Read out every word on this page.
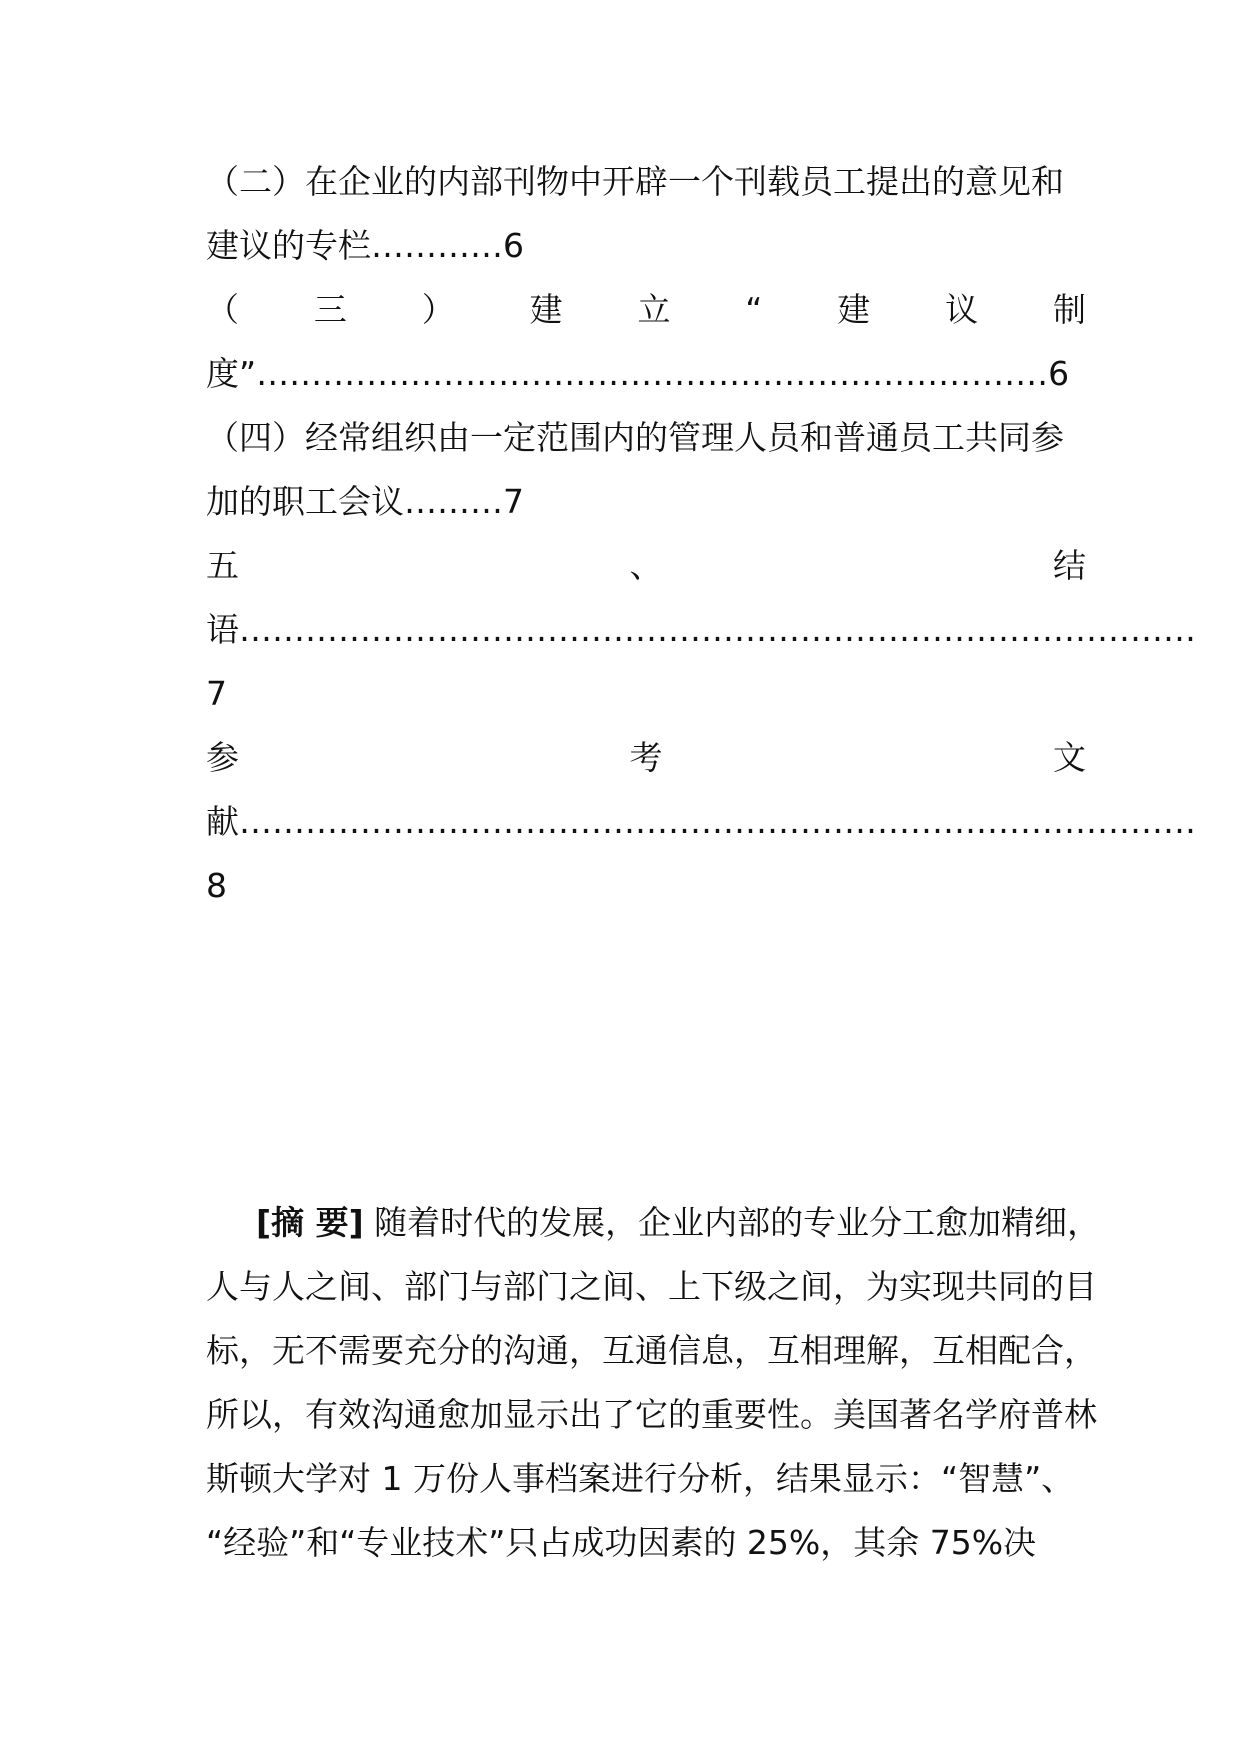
（二）在企业的内部刊物中开辟一个刊载员工提出的意见和
建议的专栏…………6
（ 三 ） 建 立 “ 建 议 制
度”………………………………………………………………6
（四）经常组织由一定范围内的管理人员和普通员工共同参
加的职工会议………7
五	、	结
语……………………………………………………………………………
7
参	考	文
献……………………………………………………………………………
8
[摘 要] 随着时代的发展，企业内部的专业分工愈加精细，
人与人之间、部门与部门之间、上下级之间，为实现共同的目
标，无不需要充分的沟通，互通信息，互相理解，互相配合，
所以，有效沟通愈加显示出了它的重要性。美国著名学府普林
斯顿大学对 1 万份人事档案进行分析，结果显示：“智慧”、
“经验”和“专业技术”只占成功因素的 25%，其余 75%决
